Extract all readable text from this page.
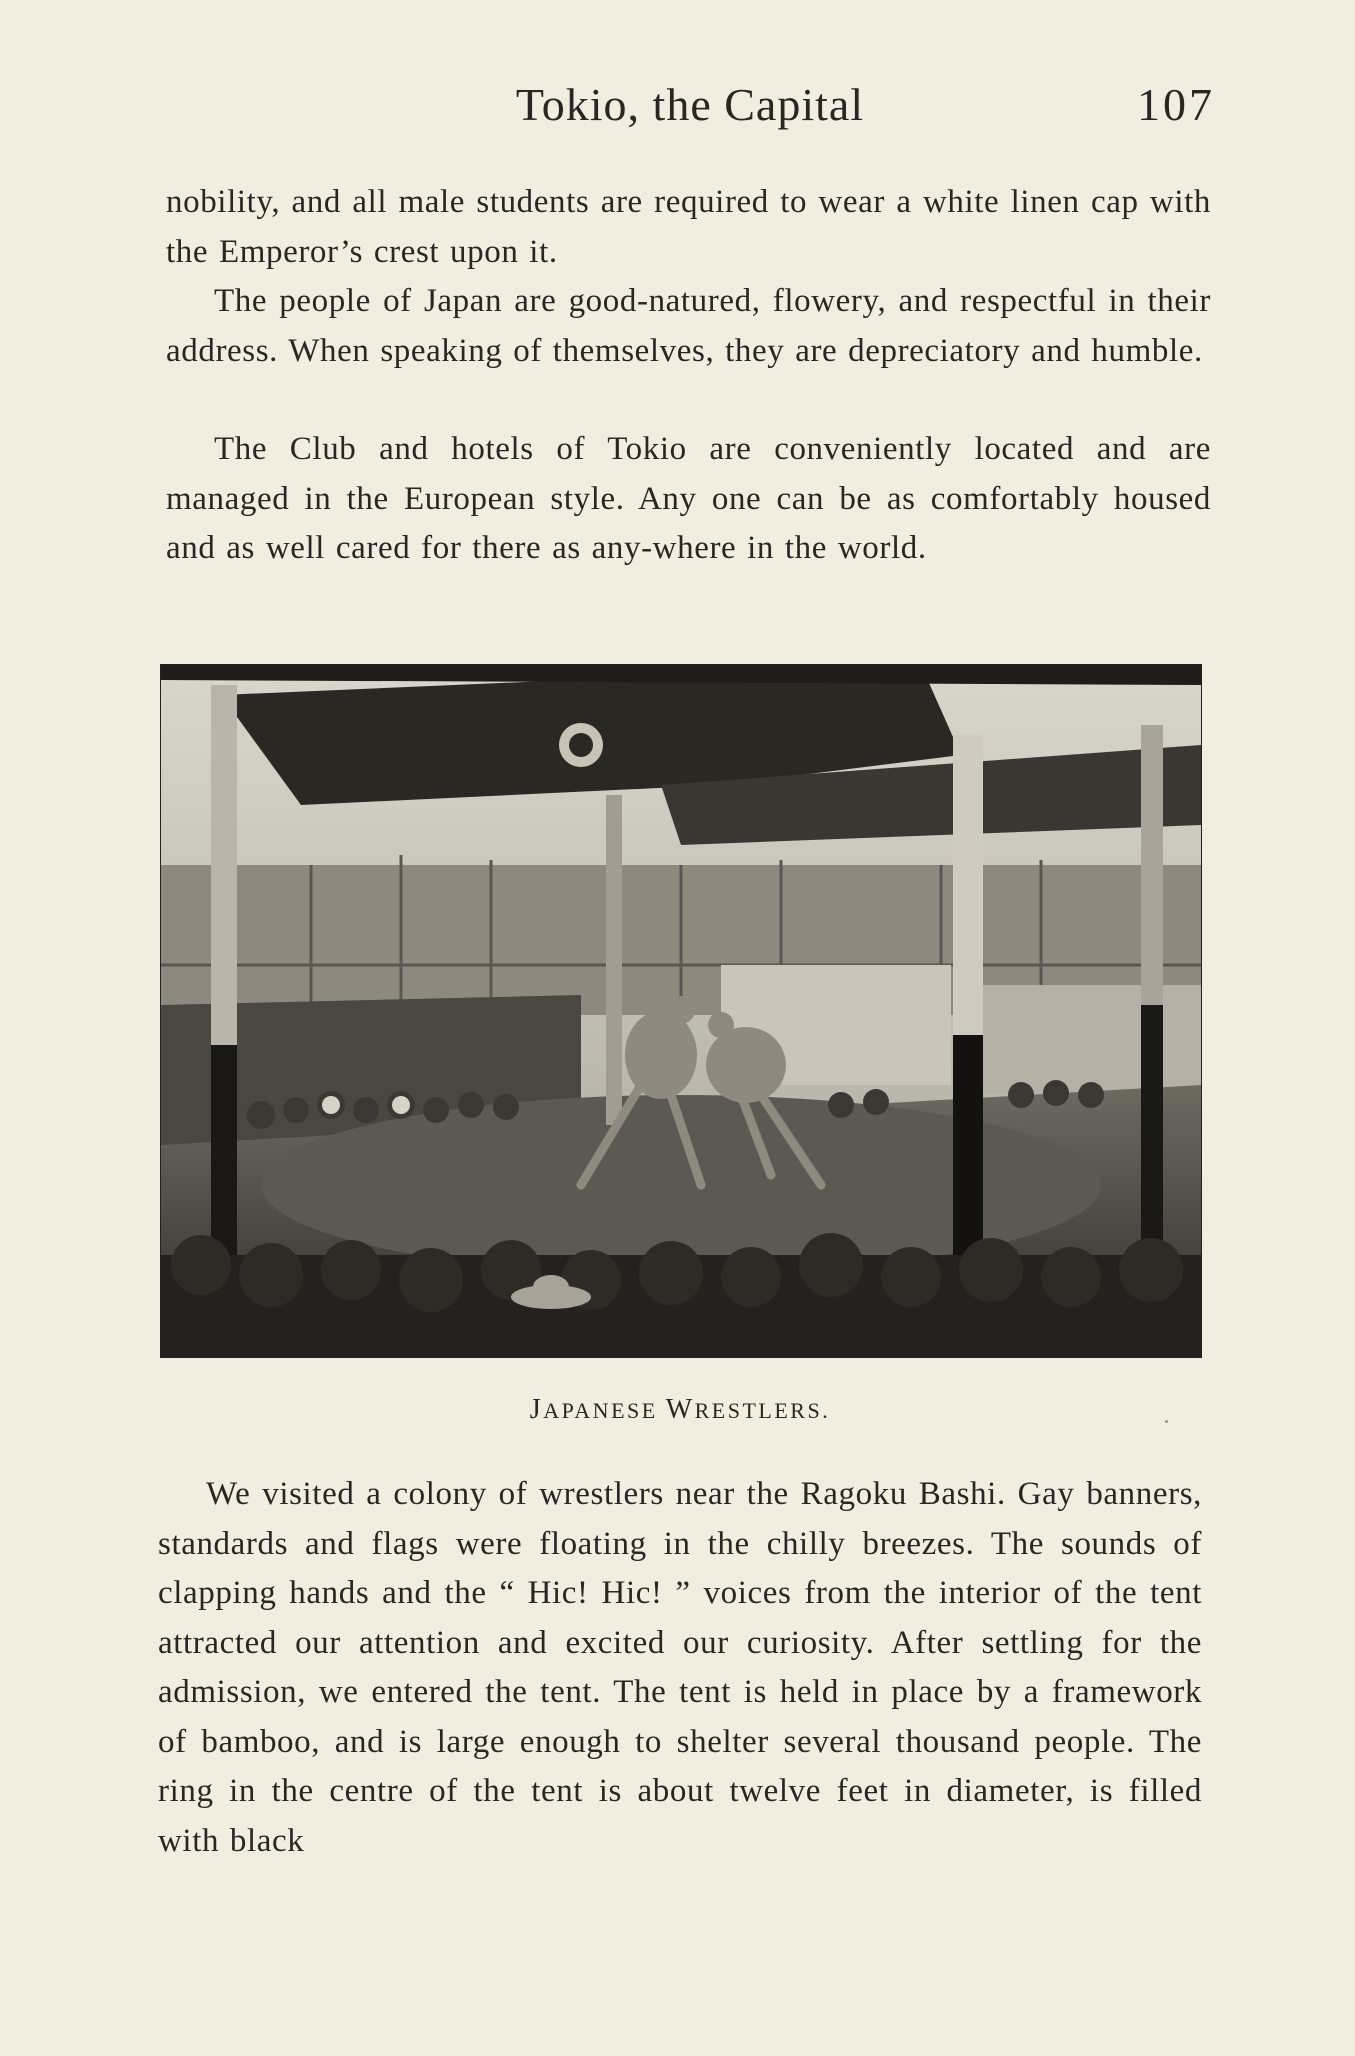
Tokio, the Capital	107

nobility, and all male students are required to wear a white linen cap with the Emperor’s crest upon it.

The people of Japan are good-natured, flowery, and respectful in their address. When speaking of themselves, they are depreciatory and humble.

The Club and hotels of Tokio are conveniently located and are managed in the European style. Any one can be as comfortably housed and as well cared for there as any-where in the world.

JAPANESE WRESTLERS.

We visited a colony of wrestlers near the Ragoku Bashi. Gay banners, standards and flags were floating in the chilly breezes. The sounds of clapping hands and the “ Hic! Hic! ” voices from the interior of the tent attracted our attention and excited our curiosity. After settling for the admission, we entered the tent. The tent is held in place by a framework of bamboo, and is large enough to shelter several thousand people. The ring in the centre of the tent is about twelve feet in diameter, is filled with black
